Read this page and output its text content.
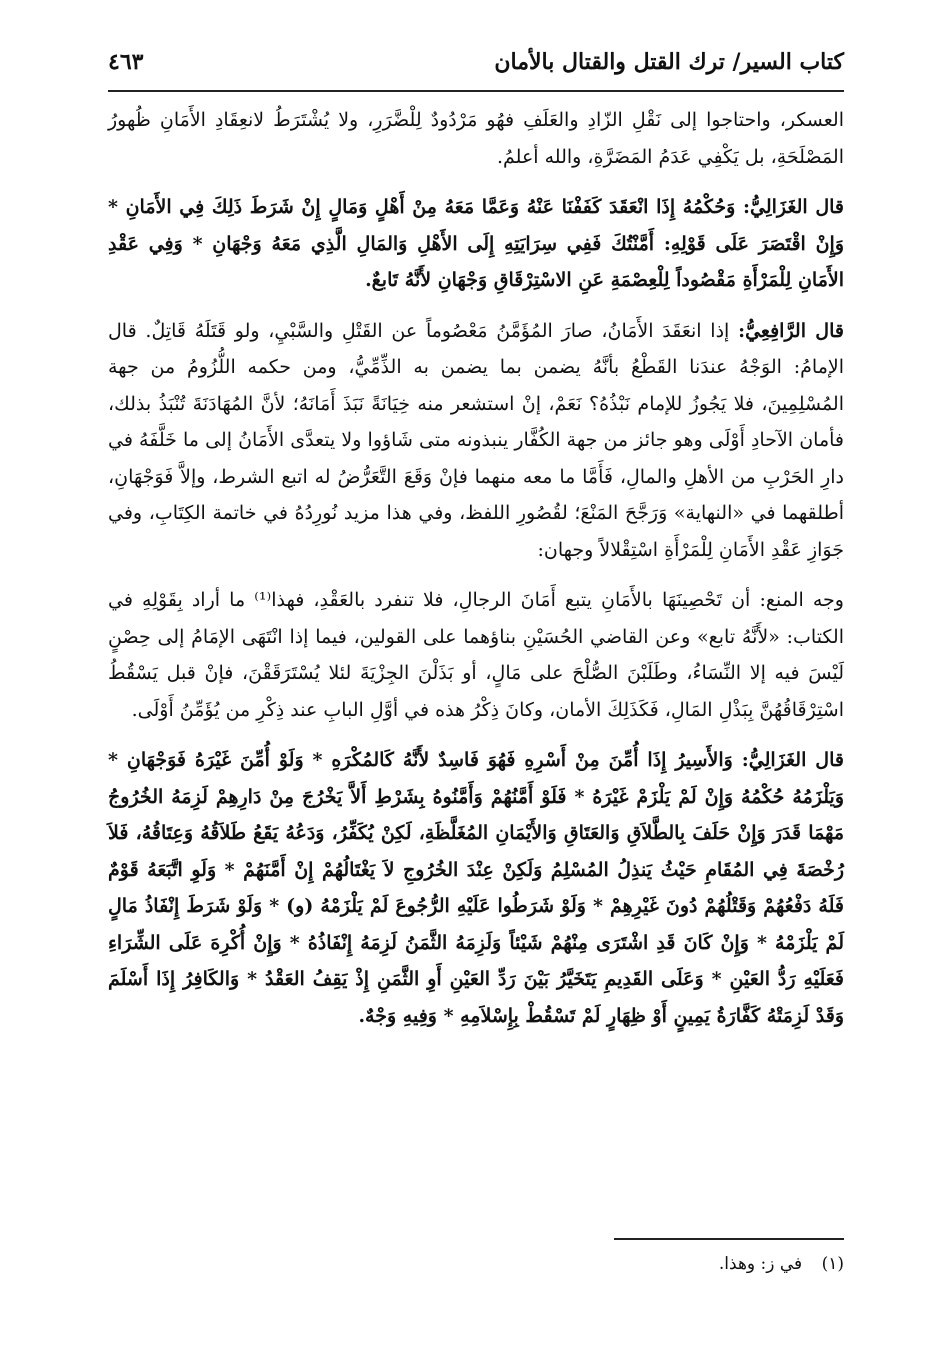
كتاب السير/ ترك القتل والقتال بالأمان
٤٦٣

العسكر، واحتاجوا إلى نَقْلِ الزّادِ والعَلَفِ فهُو مَرْدُودٌ لِلْضَّرَرِ، ولا يُشْتَرَطُ لانعِقَادِ الأَمَانِ ظُهورُ المَصْلَحَةِ، بل يَكْفِي عَدَمُ المَضَرَّةِ، والله أعلمُ.

قال الغَزَالِيُّ: وَحُكْمُهُ إِذَا انْعَقَدَ كَفَفْنَا عَنْهُ وَعَمَّا مَعَهُ مِنْ أَهْلٍ وَمَالٍ إِنْ شَرَطَ ذَلِكَ فِي الأَمَانِ * وَإِنْ اقْتَصَرَ عَلَى قَوْلِهِ: أَمَّنْتُكَ فَفِي سِرَايَتِهِ إِلَى الأَهْلِ وَالمَالِ الَّذِي مَعَهُ وَجْهَانِ * وَفِي عَقْدِ الأَمَانِ لِلْمَرْأَةِ مَقْصُوداً لِلْعِصْمَةِ عَنِ الاسْتِرْقَاقِ وَجْهَانِ لأَنَّهُ تَابعٌ.

قال الرَّافِعِيُّ: إذا انعَقَدَ الأَمَانُ، صارَ المُؤَمَّنُ مَعْصُوماً عن القَتْلِ والسَّبْيِ، ولو قَتَلَهُ قَاتِلٌ. قال الإمامُ: الوَجْهُ عندَنا القَطْعُ بأنَّهُ يضمن بما يضمن به الذِّمِّيُّ، ومن حكمه اللُّزُومُ من جهة المُسْلِمِينَ، فلا يَجُوزُ للإمام نَبْذُهُ؟ نَعَمْ، إنْ استشعر منه خِيَانَةً نَبَذَ أَمَانَهُ؛ لأنَّ المُهَادَنَةَ تُنْبَذُ بذلك، فأمان الآحادِ أَوْلَى وهو جائز من جهة الكُفَّار ينبذونه متى شَاؤوا ولا يتعدَّى الأَمَانُ إلى ما خَلَّفَهُ في دارِ الحَرْبِ من الأهلِ والمالِ، فَأَمَّا ما معه منهما فإنْ وَقَعَ التَّعَرُّضُ له اتبع الشرط، وإلاَّ فَوَجْهَانِ، أطلقهما في «النهاية» وَرَجَّحَ المَنْعَ؛ لقُصُورِ اللفظ، وفي هذا مزيد نُورِدُهُ في خاتمة الكِتَابِ، وفي جَوَازِ عَقْدِ الأَمَانِ لِلْمَرْأَةِ اسْتِقْلالاً وجهان:

وجه المنع: أن تَحْصِينَهَا بالأَمَانِ يتبع أَمَانَ الرجالِ، فلا تنفرد بالعَقْدِ، فهذا⁽¹⁾ ما أراد بِقَوْلِهِ في الكتاب: «لأَنَّهُ تابع» وعن القاضي الحُسَيْنِ بناؤهما على القولين، فيما إذا انْتَهَى الإمَامُ إلى حِصْنٍ لَيْسَ فيه إلا النِّسَاءُ، وطَلَبْنَ الصُّلْحَ على مَالٍ، أو بَذَلْنَ الجِزْيَةَ لئلا يُسْتَرَقَقْنَ، فإنْ قبل يَسْقُطُ اسْتِرْقَاقُهُنَّ بِبَذْلِ المَالِ، فَكَذَلِكَ الأمان، وكانَ ذِكْرُ هذه في أوَّلِ البابِ عند ذِكْرِ من يُؤَمِّنُ أَوْلَى.

قال الغَزَالِيُّ: وَالأَسِيرُ إِذَا أُمِّنَ مِنْ أَسْرِهِ فَهُوَ فَاسِدٌ لأَنَّهُ كَالمُكْرَهِ * وَلَوْ أُمِّنَ غَيْرَهُ فَوَجْهَانِ * وَيَلْزَمُهُ حُكْمُهُ وَإِنْ لَمْ يَلْزَمْ غَيْرَهُ * فَلَوْ أَمَّنُهُمْ وَأَمَّنُوهُ بِشَرْطِ أَلاَّ يَخْرُجَ مِنْ دَارِهِمْ لَزِمَهُ الخُرُوجُ مَهْمَا قَدَرَ وَإِنْ حَلَفَ بِالطَّلاَقِ وَالعَتَاقِ وَالأَيْمَانِ المُغَلَّظَةِ، لَكِنْ يُكَفِّرُ، وَدَعُهُ يَقَعُ طَلاَقُهُ وَعِتَاقُهُ، فَلاَ رُخْصَةَ فِي المُقَامِ حَيْثُ يَنذِلُ المُسْلِمُ وَلَكِنْ عِنْدَ الخُرُوجِ لاَ يَغْتَالُهُمْ إِنْ أَمَّنَهُمْ * وَلَوِ اتَّبَعَهُ قَوْمٌ فَلَهُ دَفْعُهُمْ وَقَتْلُهُمْ دُونَ غَيْرِهِمْ * وَلَوْ شَرَطُوا عَلَيْهِ الرُّجُوعَ لَمْ يَلْزَمْهُ (و) * وَلَوْ شَرَطَ إِنْفَاذُ مَالٍ لَمْ يَلْزَمْهُ * وَإِنْ كَانَ قَدِ اشْتَرَى مِنْهُمْ شَيْئاً وَلَزِمَهُ الثَّمَنُ لَزِمَهُ إِنْفَاذُهُ * وَإِنْ أُكْرِهَ عَلَى الشِّرَاءِ فَعَلَيْهِ رَدُّ العَيْنِ * وَعَلَى القَدِيمِ يَتَخَيَّرُ بَيْنَ رَدِّ العَيْنِ أَوِ الثَّمَنِ إِذْ يَقِفُ العَقْدُ * وَالكَافِرُ إِذَا أَسْلَمَ وَقَدْ لَزِمَتْهُ كَفَّارَةُ يَمِينٍ أَوْ ظِهَارٍ لَمْ تَسْقُطْ بِإِسْلاَمِهِ * وَفِيهِ وَجْهٌ.

(١) في ز: وهذا.
